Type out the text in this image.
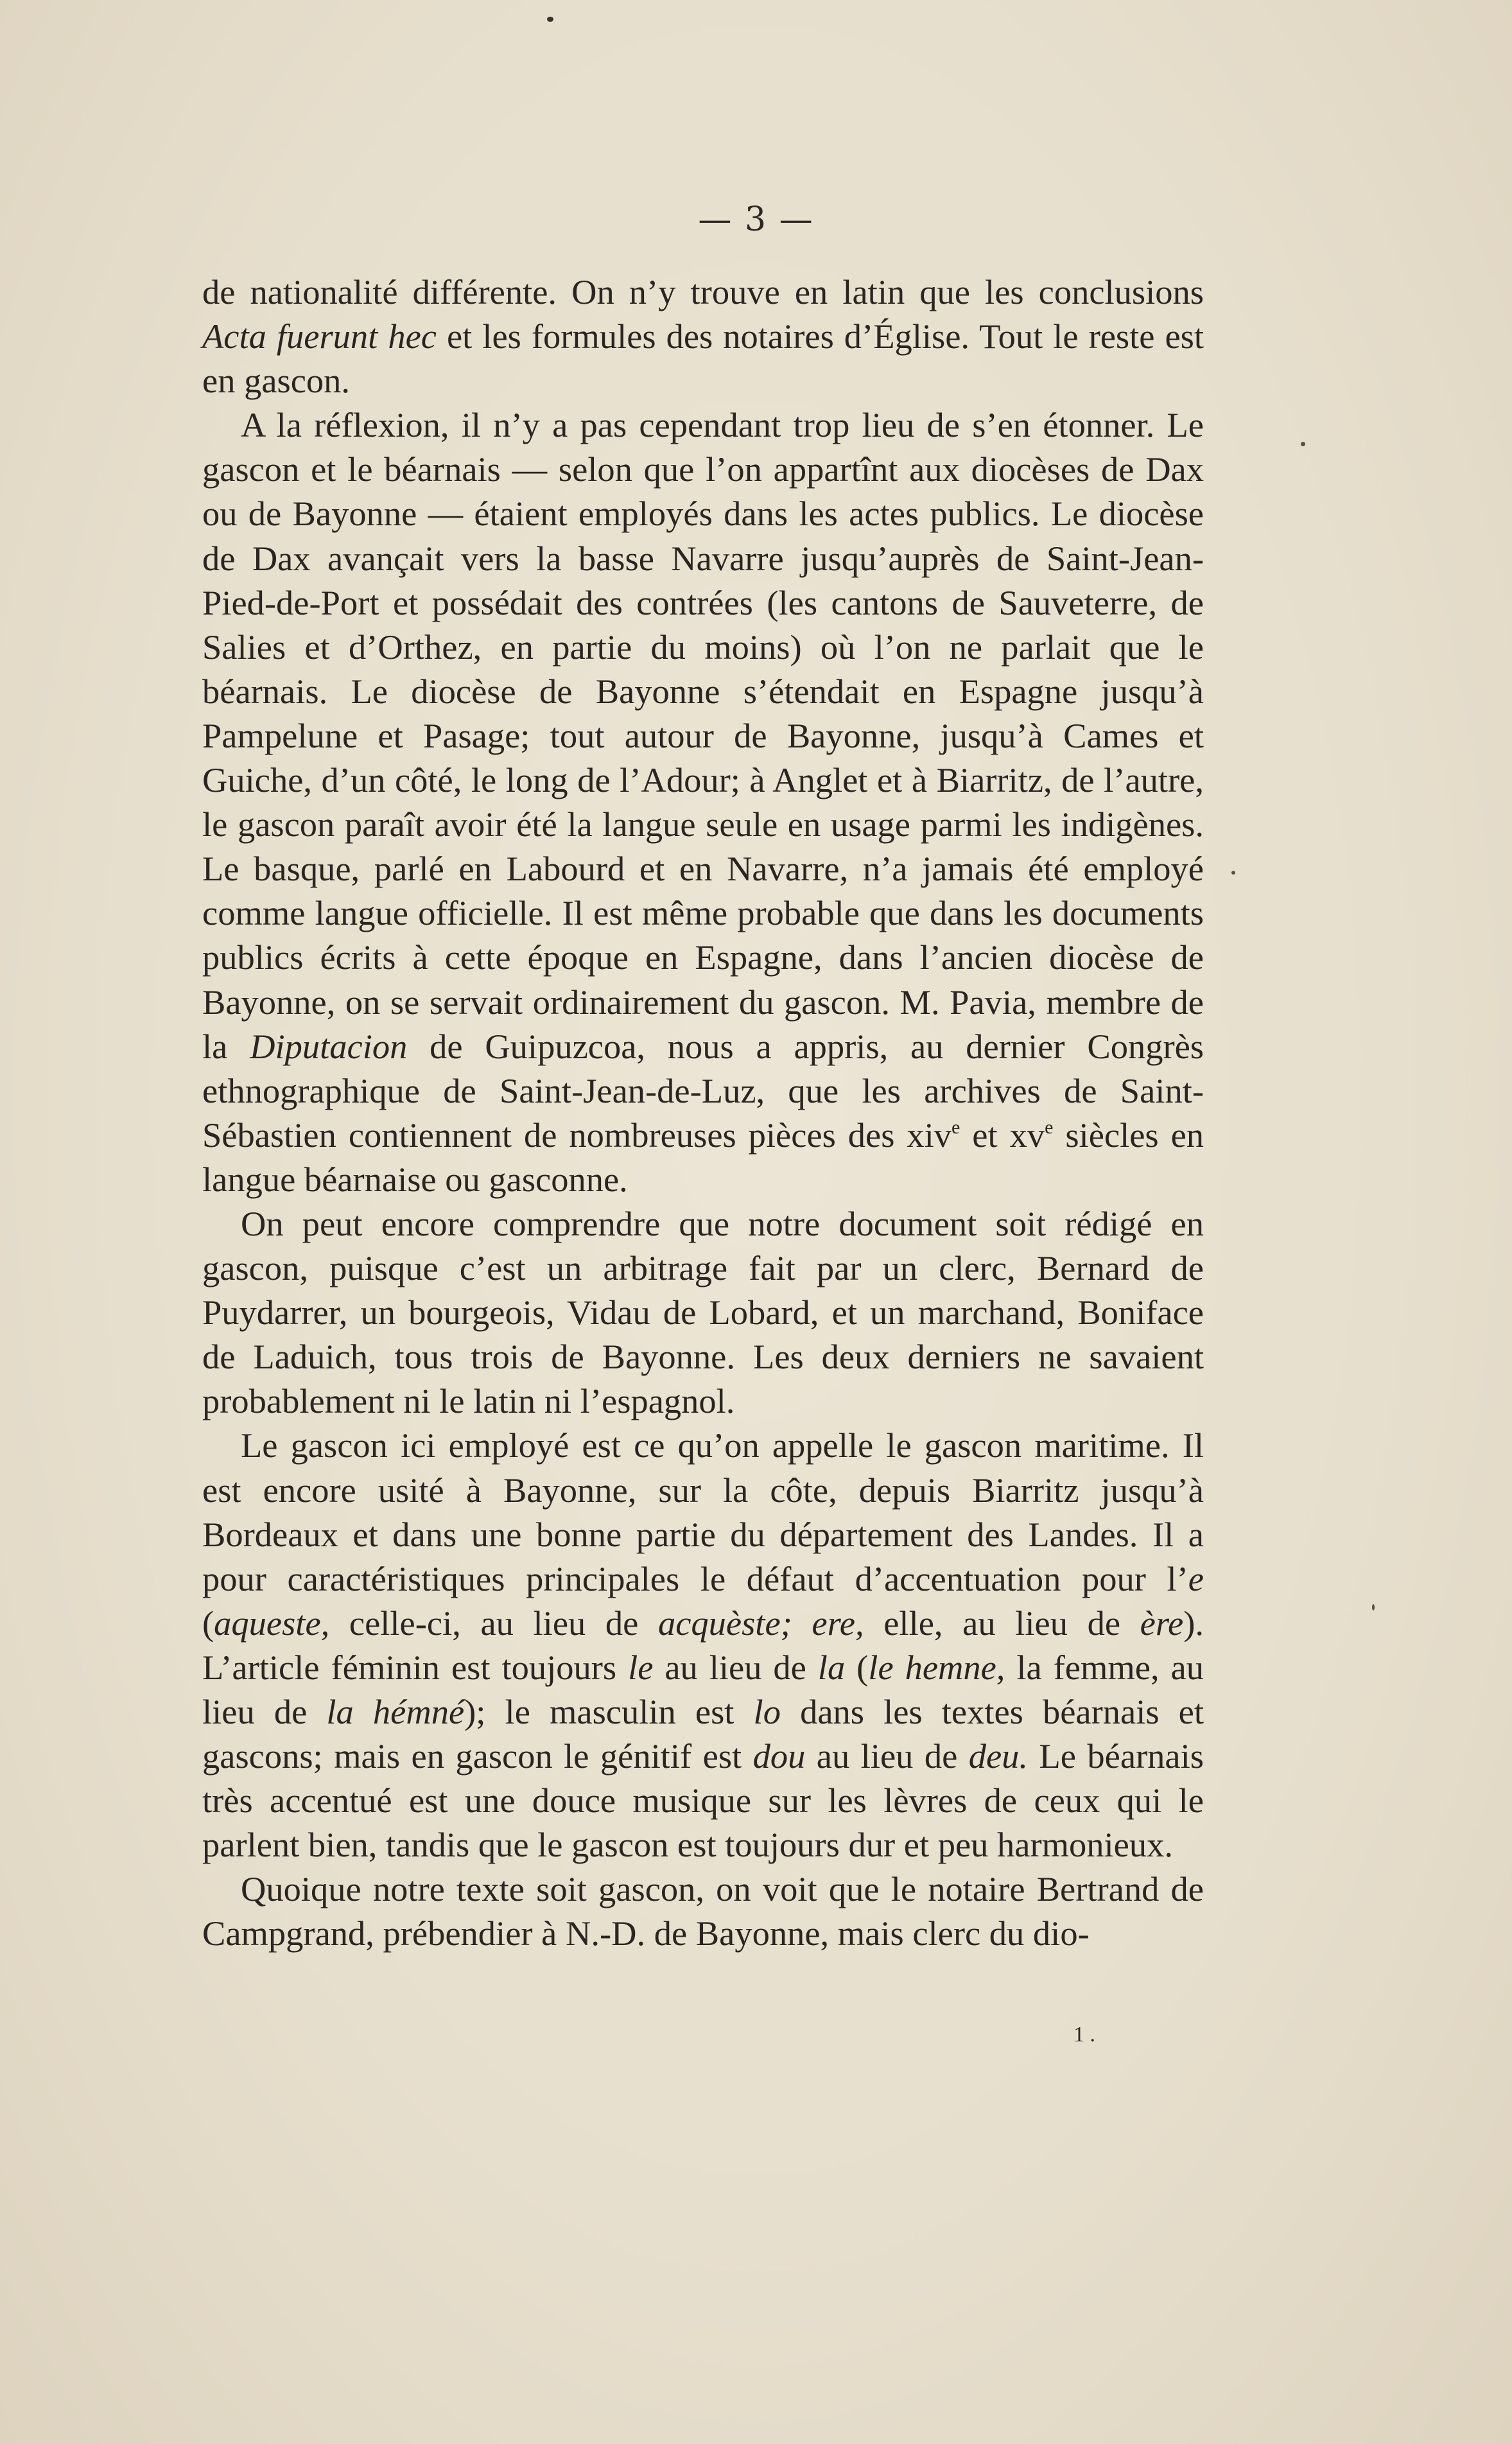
— 3 —

de nationalité différente. On n’y trouve en latin que les conclusions Acta fuerunt hec et les formules des notaires d’Église. Tout le reste est en gascon.

A la réflexion, il n’y a pas cependant trop lieu de s’en étonner. Le gascon et le béarnais — selon que l’on appartînt aux diocèses de Dax ou de Bayonne — étaient employés dans les actes publics. Le diocèse de Dax avançait vers la basse Navarre jusqu’auprès de Saint-Jean-Pied-de-Port et possédait des contrées (les cantons de Sauveterre, de Salies et d’Orthez, en partie du moins) où l’on ne parlait que le béarnais. Le diocèse de Bayonne s’étendait en Espagne jusqu’à Pampelune et Pasage; tout autour de Bayonne, jusqu’à Cames et Guiche, d’un côté, le long de l’Adour; à Anglet et à Biarritz, de l’autre, le gascon paraît avoir été la langue seule en usage parmi les indigènes. Le basque, parlé en Labourd et en Navarre, n’a jamais été employé comme langue officielle. Il est même probable que dans les documents publics écrits à cette époque en Espagne, dans l’ancien diocèse de Bayonne, on se servait ordinairement du gascon. M. Pavia, membre de la Diputacion de Guipuzcoa, nous a appris, au dernier Congrès ethnographique de Saint-Jean-de-Luz, que les archives de Saint-Sébastien contiennent de nombreuses pièces des xiv$^e$ et $xv^e$ siècles en langue béarnaise ou gasconne.

On peut encore comprendre que notre document soit rédigé en gascon, puisque c’est un arbitrage fait par un clerc, Bernard de Puydarrer, un bourgeois, Vidau de Lobard, et un marchand, Boniface de Laduich, tous trois de Bayonne. Les deux derniers ne savaient probablement ni le latin ni l’espagnol.

Le gascon ici employé est ce qu’on appelle le gascon maritime. Il est encore usité à Bayonne, sur la côte, depuis Biarritz jusqu’à Bordeaux et dans une bonne partie du département des Landes. Il a pour caractéristiques principales le défaut d’accentuation pour l’e (aqueste, celle-ci, au lieu de acquèste; ere, elle, au lieu de ère). L’article féminin est toujours le au lieu de la (le hemne, la femme, au lieu de la hémné); le masculin est lo dans les textes béarnais et gascons; mais en gascon le génitif est dou au lieu de deu. Le béarnais très accentué est une douce musique sur les lèvres de ceux qui le parlent bien, tandis que le gascon est toujours dur et peu harmonieux.

Quoique notre texte soit gascon, on voit que le notaire Bertrand de Campgrand, prébendier à N.-D. de Bayonne, mais clerc du dio-

1 .
